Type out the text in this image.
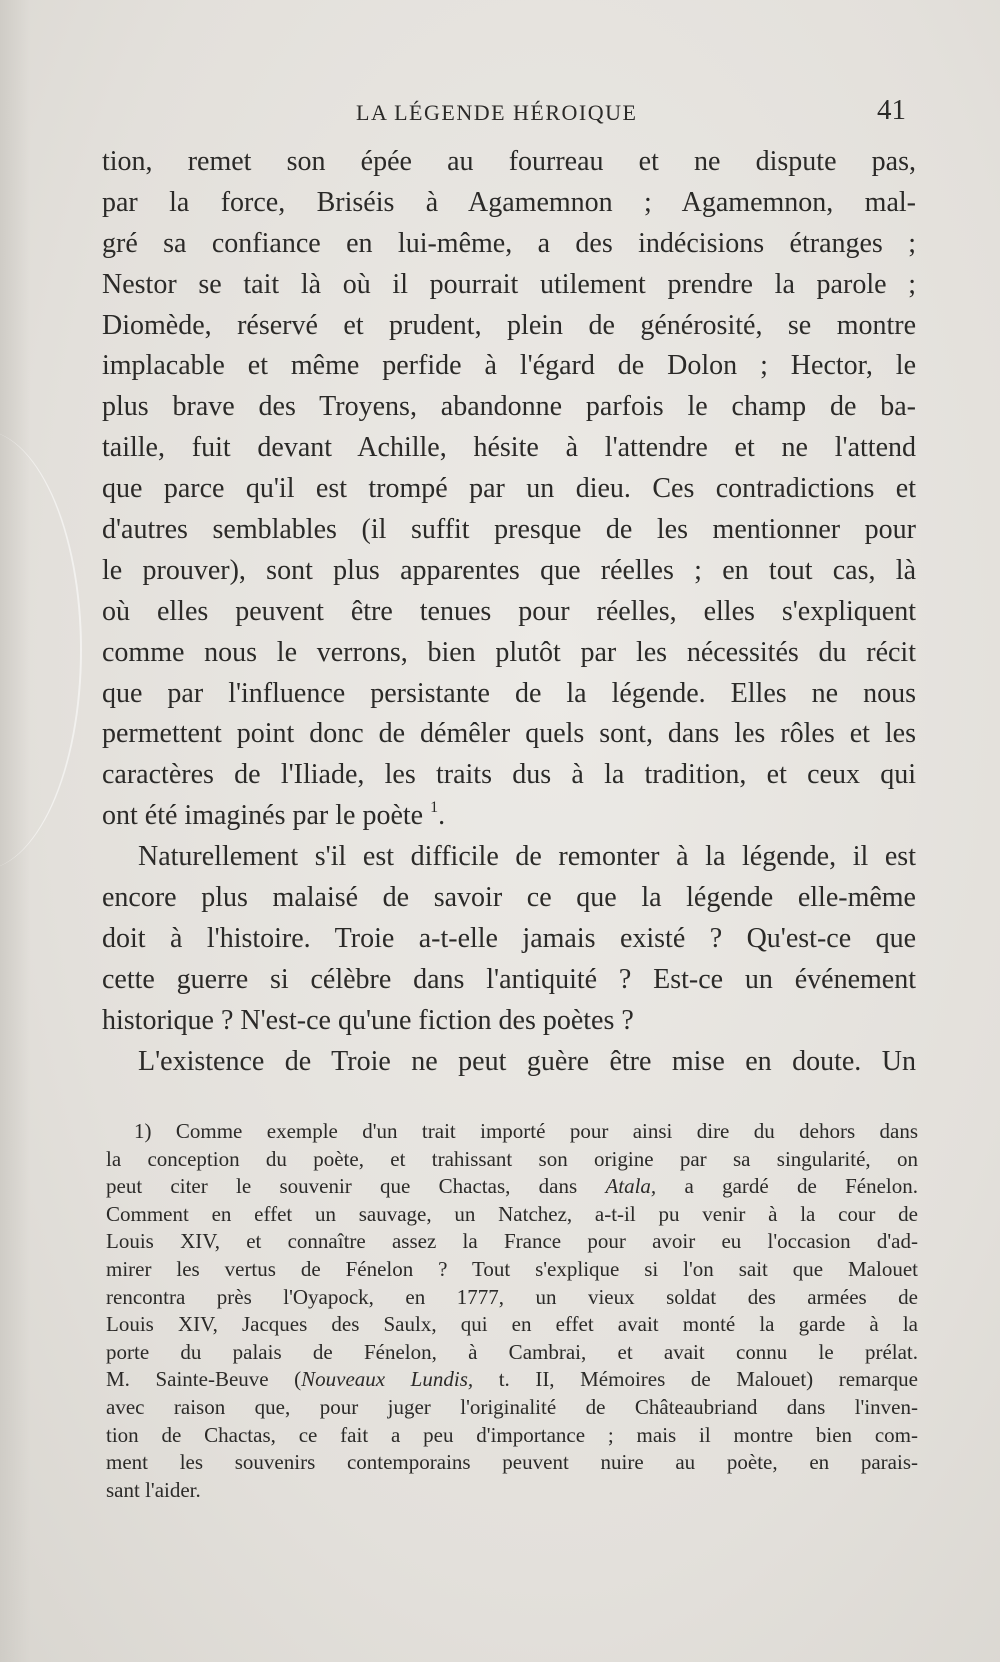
LA LÉGENDE HÉROIQUE	41
tion, remet son épée au fourreau et ne dispute pas,
par la force, Briséis à Agamemnon ; Agamemnon, mal-
gré sa confiance en lui-même, a des indécisions étranges ;
Nestor se tait là où il pourrait utilement prendre la parole ;
Diomède, réservé et prudent, plein de générosité, se montre
implacable et même perfide à l'égard de Dolon ; Hector, le
plus brave des Troyens, abandonne parfois le champ de ba-
taille, fuit devant Achille, hésite à l'attendre et ne l'attend
que parce qu'il est trompé par un dieu. Ces contradictions et
d'autres semblables (il suffit presque de les mentionner pour
le prouver), sont plus apparentes que réelles ; en tout cas, là
où elles peuvent être tenues pour réelles, elles s'expliquent
comme nous le verrons, bien plutôt par les nécessités du récit
que par l'influence persistante de la légende. Elles ne nous
permettent point donc de démêler quels sont, dans les rôles et les
caractères de l'Iliade, les traits dus à la tradition, et ceux qui
ont été imaginés par le poète $^1$.
Naturellement s'il est difficile de remonter à la légende, il est
encore plus malaisé de savoir ce que la légende elle-même
doit à l'histoire. Troie a-t-elle jamais existé ? Qu'est-ce que
cette guerre si célèbre dans l'antiquité ? Est-ce un événement
historique ? N'est-ce qu'une fiction des poètes ?
L'existence de Troie ne peut guère être mise en doute. Un
1) Comme exemple d'un trait importé pour ainsi dire du dehors dans
la conception du poète, et trahissant son origine par sa singularité, on
peut citer le souvenir que Chactas, dans Atala, a gardé de Fénelon.
Comment en effet un sauvage, un Natchez, a-t-il pu venir à la cour de
Louis XIV, et connaître assez la France pour avoir eu l'occasion d'ad-
mirer les vertus de Fénelon ? Tout s'explique si l'on sait que Malouet
rencontra près l'Oyapock, en 1777, un vieux soldat des armées de
Louis XIV, Jacques des Saulx, qui en effet avait monté la garde à la
porte du palais de Fénelon, à Cambrai, et avait connu le prélat.
M. Sainte-Beuve (Nouveaux Lundis, t. II, Mémoires de Malouet) remarque
avec raison que, pour juger l'originalité de Châteaubriand dans l'inven-
tion de Chactas, ce fait a peu d'importance ; mais il montre bien com-
ment les souvenirs contemporains peuvent nuire au poète, en parais-
sant l'aider.
